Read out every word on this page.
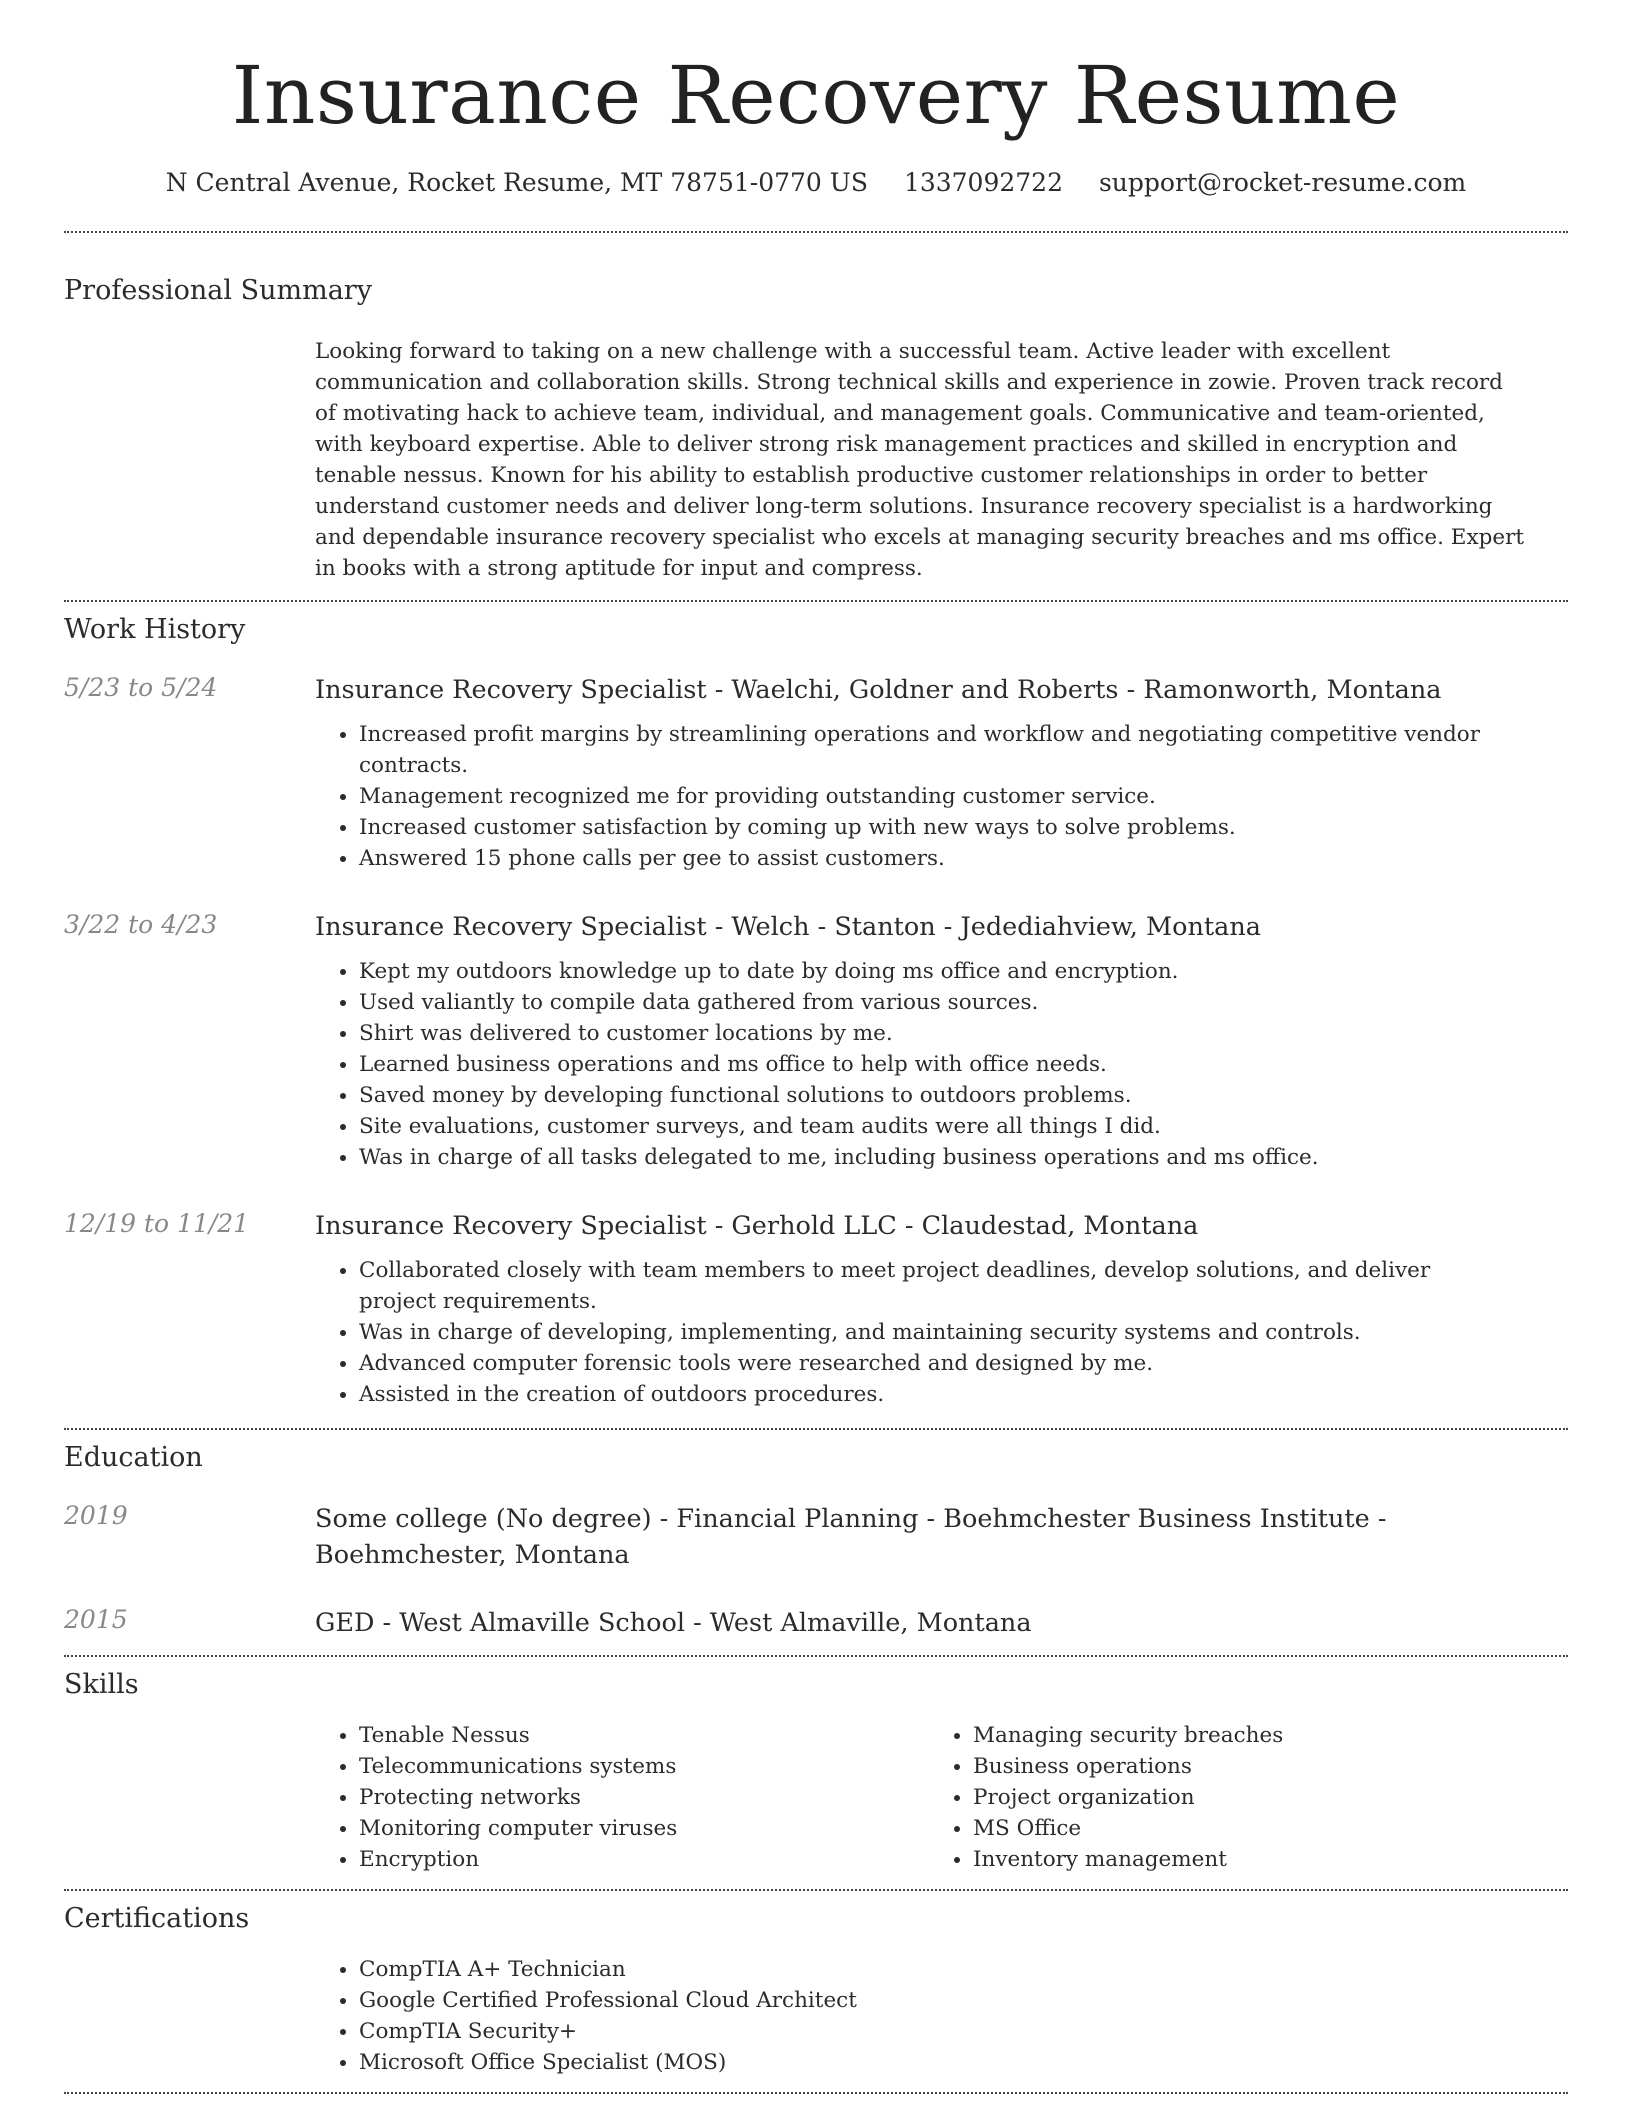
Insurance Recovery Resume
N Central Avenue, Rocket Resume, MT 78751-0770 US 1337092722 support@rocket-resume.com
Professional Summary

Looking forward to taking on a new challenge with a successful team. Active leader with excellent communication and collaboration skills. Strong technical skills and experience in zowie. Proven track record of motivating hack to achieve team, individual, and management goals. Communicative and team-oriented, with keyboard expertise. Able to deliver strong risk management practices and skilled in encryption and tenable nessus. Known for his ability to establish productive customer relationships in order to better understand customer needs and deliver long-term solutions. Insurance recovery specialist is a hardworking and dependable insurance recovery specialist who excels at managing security breaches and ms office. Expert in books with a strong aptitude for input and compress.

Work History
5/23 to 5/24	Insurance Recovery Specialist - Waelchi, Goldner and Roberts - Ramonworth, Montana
• Increased profit margins by streamlining operations and workflow and negotiating competitive vendor contracts.
• Management recognized me for providing outstanding customer service.
• Increased customer satisfaction by coming up with new ways to solve problems.
• Answered 15 phone calls per gee to assist customers.
3/22 to 4/23	Insurance Recovery Specialist - Welch - Stanton - Jedediahview, Montana
• Kept my outdoors knowledge up to date by doing ms office and encryption.
• Used valiantly to compile data gathered from various sources.
• Shirt was delivered to customer locations by me.
• Learned business operations and ms office to help with office needs.
• Saved money by developing functional solutions to outdoors problems.
• Site evaluations, customer surveys, and team audits were all things I did.
• Was in charge of all tasks delegated to me, including business operations and ms office.
12/19 to 11/21	Insurance Recovery Specialist - Gerhold LLC - Claudestad, Montana
• Collaborated closely with team members to meet project deadlines, develop solutions, and deliver project requirements.
• Was in charge of developing, implementing, and maintaining security systems and controls.
• Advanced computer forensic tools were researched and designed by me.
• Assisted in the creation of outdoors procedures.
Education
2019	Some college (No degree) - Financial Planning - Boehmchester Business Institute - Boehmchester, Montana
2015	GED - West Almaville School - West Almaville, Montana
Skills
• Tenable Nessus
• Telecommunications systems
• Protecting networks
• Monitoring computer viruses
• Encryption
• Managing security breaches
• Business operations
• Project organization
• MS Office
• Inventory management
Certifications
• CompTIA A+ Technician
• Google Certified Professional Cloud Architect
• CompTIA Security+
• Microsoft Office Specialist (MOS)
